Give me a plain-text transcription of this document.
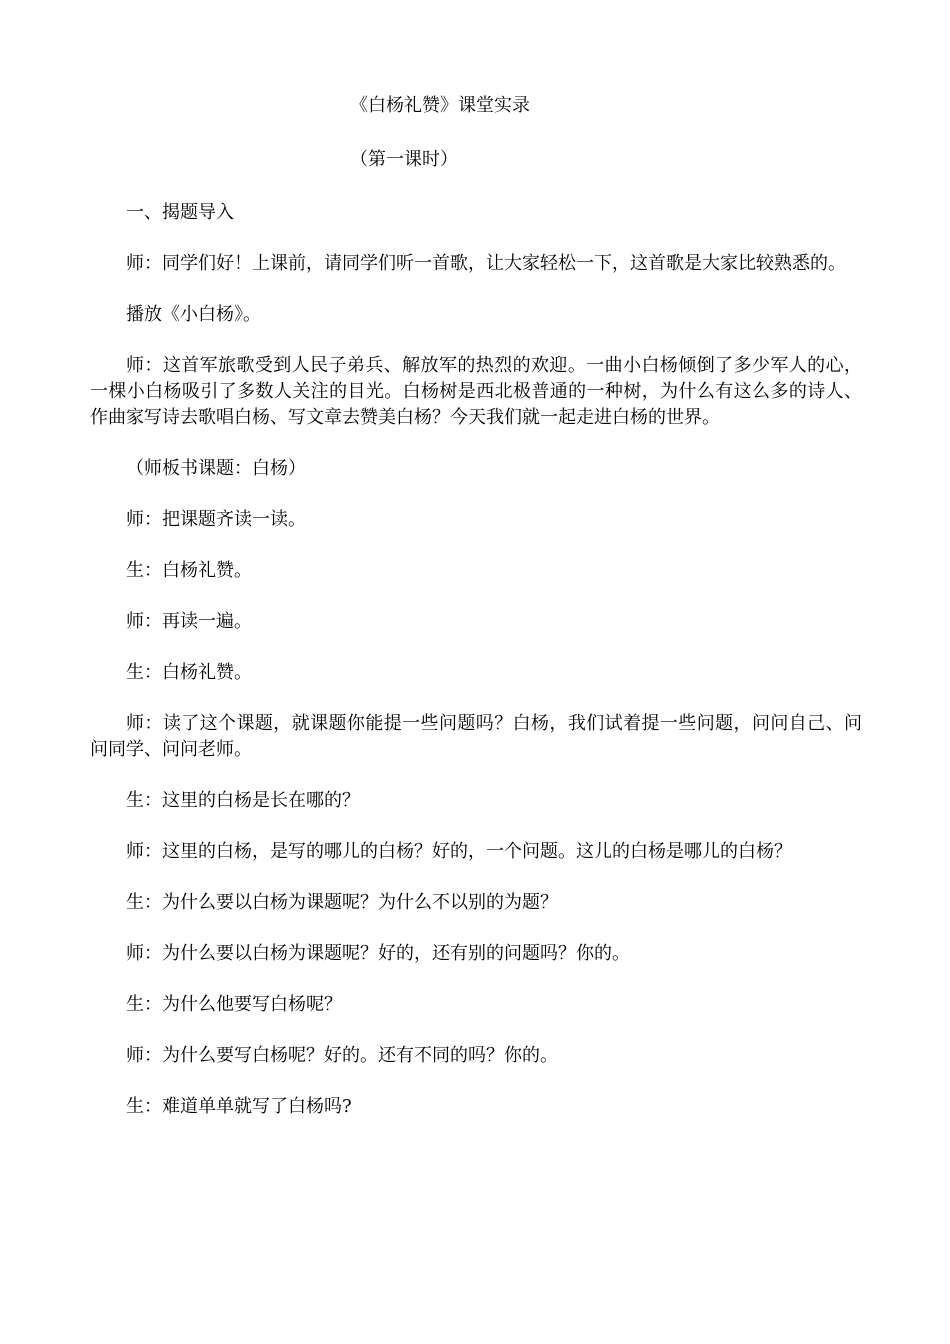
《白杨礼赞》课堂实录
（第一课时）

一、揭题导入

师：同学们好！上课前，请同学们听一首歌，让大家轻松一下，这首歌是大家比较熟悉的。

播放《小白杨》。

师：这首军旅歌受到人民子弟兵、解放军的热烈的欢迎。一曲小白杨倾倒了多少军人的心，一棵小白杨吸引了多数人关注的目光。白杨树是西北极普通的一种树，为什么有这么多的诗人、作曲家写诗去歌唱白杨、写文章去赞美白杨？今天我们就一起走进白杨的世界。

（师板书课题：白杨）

师：把课题齐读一读。

生：白杨礼赞。

师：再读一遍。

生：白杨礼赞。

师：读了这个课题，就课题你能提一些问题吗？白杨，我们试着提一些问题，问问自己、问问同学、问问老师。

生：这里的白杨是长在哪的？

师：这里的白杨，是写的哪儿的白杨？好的，一个问题。这儿的白杨是哪儿的白杨？

生：为什么要以白杨为课题呢？为什么不以别的为题？

师：为什么要以白杨为课题呢？好的，还有别的问题吗？你的。

生：为什么他要写白杨呢？

师：为什么要写白杨呢？好的。还有不同的吗？你的。

生：难道单单就写了白杨吗?
